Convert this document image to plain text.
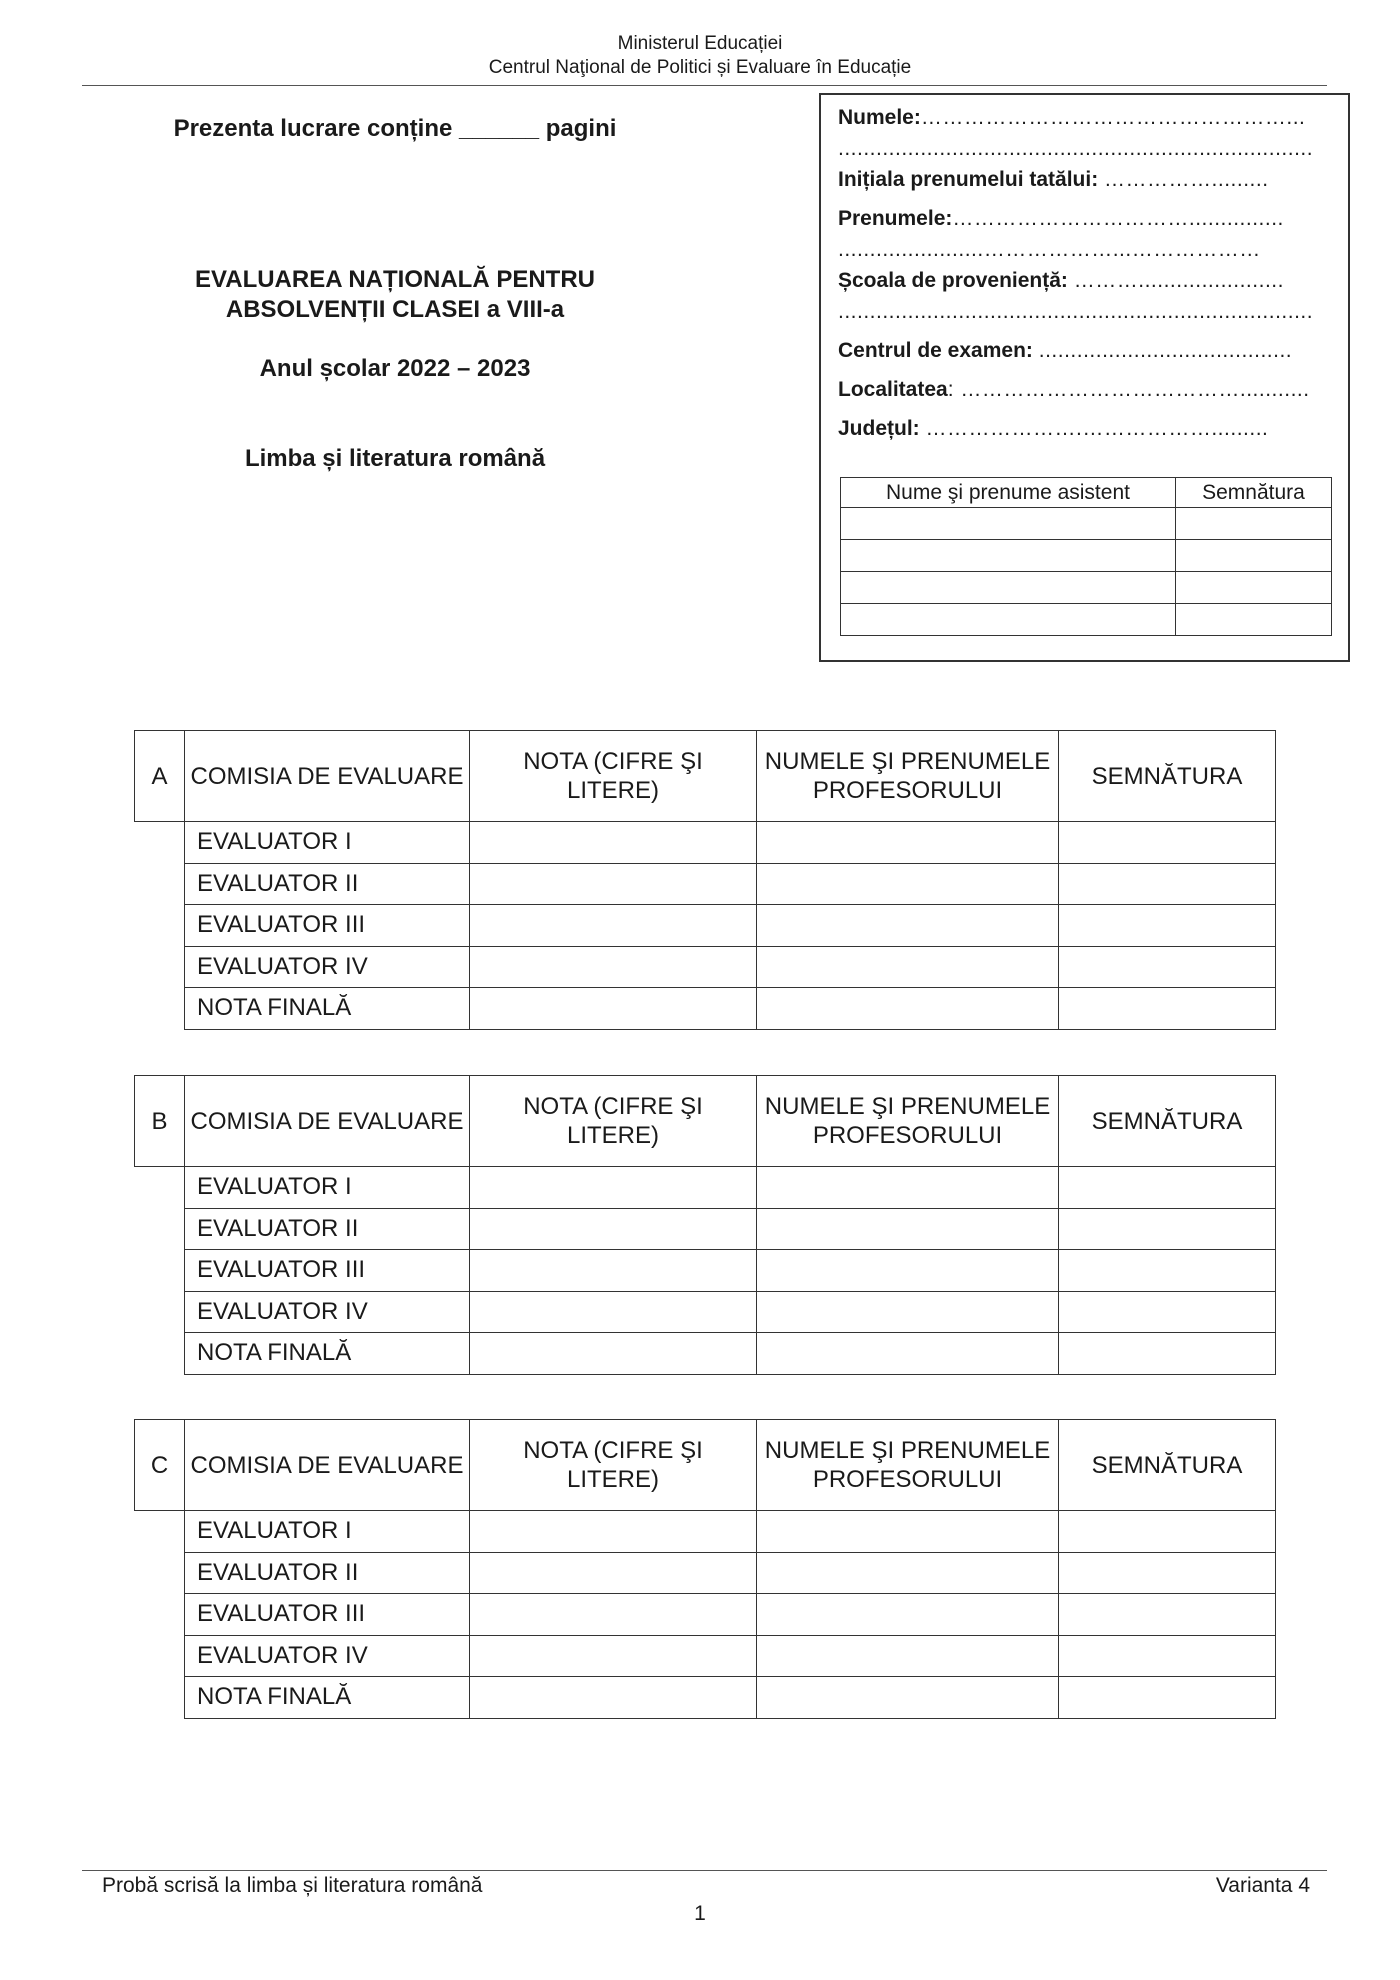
Ministerul Educației
Centrul Naţional de Politici și Evaluare în Educație
Prezenta lucrare conține ______ pagini
EVALUAREA NAȚIONALĂ PENTRU
ABSOLVENȚII CLASEI a VIII-a
Anul școlar 2022 – 2023
Limba și literatura română
Numele:……………………………………………...
...........................................................................
Inițiala prenumelui tatălui: …………….........
Prenumele:……………………………...............
.......................………………...………………
Școala de proveniență: ……….......................
...........................................................................
Centrul de examen: ........................................
Localitatea: …………………………………...........
Județul: ………………….……………….........
Nume şi prenume asistent	Semnătura

A	COMISIA DE EVALUARE	NOTA (CIFRE ŞI LITERE)	NUMELE ŞI PRENUMELE PROFESORULUI	SEMNĂTURA
	EVALUATOR I			
	EVALUATOR II			
	EVALUATOR III			
	EVALUATOR IV			
	NOTA FINALĂ			
B	COMISIA DE EVALUARE	NOTA (CIFRE ŞI LITERE)	NUMELE ŞI PRENUMELE PROFESORULUI	SEMNĂTURA
	EVALUATOR I			
	EVALUATOR II			
	EVALUATOR III			
	EVALUATOR IV			
	NOTA FINALĂ			
C	COMISIA DE EVALUARE	NOTA (CIFRE ŞI LITERE)	NUMELE ŞI PRENUMELE PROFESORULUI	SEMNĂTURA
	EVALUATOR I			
	EVALUATOR II			
	EVALUATOR III			
	EVALUATOR IV			
	NOTA FINALĂ			
Probă scrisă la limba și literatura română	Varianta 4
1
